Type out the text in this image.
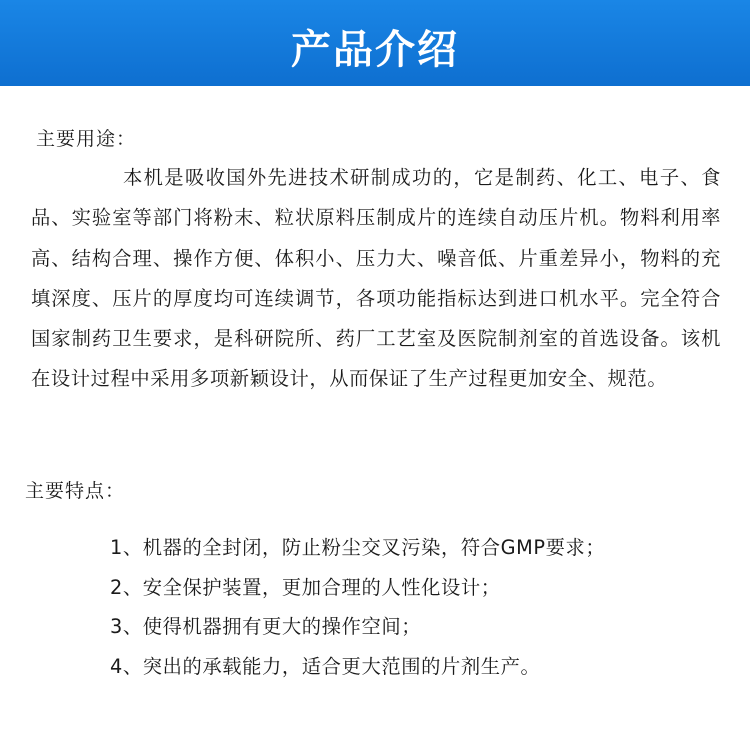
产品介绍
主要用途：

本机是吸收国外先进技术研制成功的，它是制药、化工、电子、食品、实验室等部门将粉末、粒状原料压制成片的连续自动压片机。物料利用率高、结构合理、操作方便、体积小、压力大、噪音低、片重差异小，物料的充填深度、压片的厚度均可连续调节，各项功能指标达到进口机水平。完全符合国家制药卫生要求，是科研院所、药厂工艺室及医院制剂室的首选设备。该机在设计过程中采用多项新颖设计，从而保证了生产过程更加安全、规范。

主要特点：
1、机器的全封闭，防止粉尘交叉污染，符合GMP要求；
2、安全保护装置，更加合理的人性化设计；
3、使得机器拥有更大的操作空间；
4、突出的承载能力，适合更大范围的片剂生产。
